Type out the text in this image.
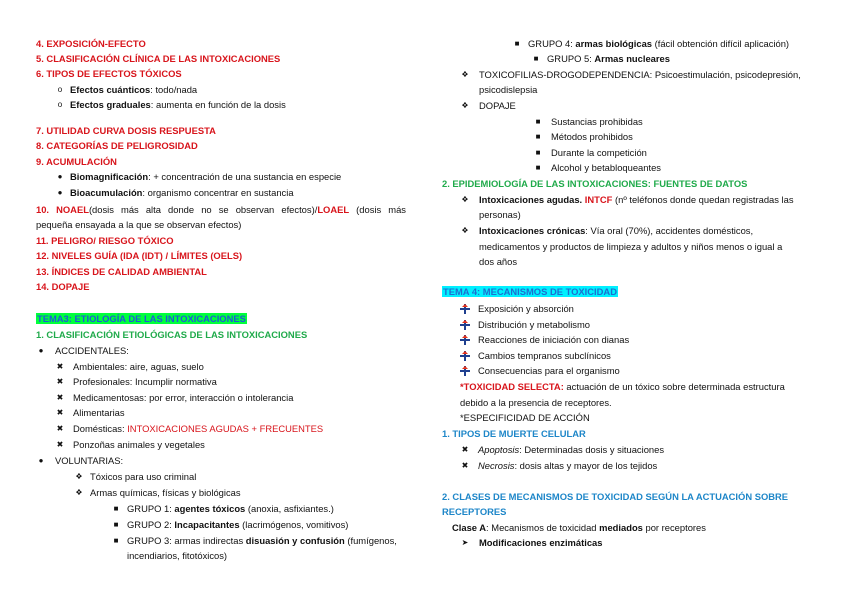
4. EXPOSICIÓN-EFECTO
5. CLASIFICACIÓN CLÍNICA DE LAS INTOXICACIONES
6. TIPOS DE EFECTOS TÓXICOS
o Efectos cuánticos: todo/nada
o Efectos graduales: aumenta en función de la dosis
7. UTILIDAD CURVA DOSIS RESPUESTA
8. CATEGORÍAS DE PELIGROSIDAD
9. ACUMULACIÓN
● Biomagnificación: + concentración de una sustancia en especie
● Bioacumulación: organismo concentrar en sustancia
10. NOAEL(dosis más alta donde no se observan efectos)/LOAEL (dosis más
pequeña ensayada a la que se observan efectos)
11. PELIGRO/ RIESGO TÓXICO
12. NIVELES GUÍA (IDA (IDT) / LÍMITES (OELS)
13. ÍNDICES DE CALIDAD AMBIENTAL
14. DOPAJE
TEMA3: ETIOLOGÍA DE LAS INTOXICACIONES
1. CLASIFICACIÓN ETIOLÓGICAS DE LAS INTOXICACIONES
● ACCIDENTALES:
✖ Ambientales: aire, aguas, suelo
✖ Profesionales: Incumplir normativa
✖ Medicamentosas: por error, interacción o intolerancia
✖ Alimentarias
✖ Domésticas: INTOXICACIONES AGUDAS + FRECUENTES
✖ Ponzoñas animales y vegetales
● VOLUNTARIAS:
❖ Tóxicos para uso criminal
❖ Armas químicas, físicas y biológicas
■ GRUPO 1: agentes tóxicos (anoxia, asfixiantes.)
■ GRUPO 2: Incapacitantes (lacrimógenos, vomitivos)
■ GRUPO 3: armas indirectas disuasión y confusión (fumígenos,
incendiarios, fitotóxicos)
■ GRUPO 4: armas biológicas (fácil obtención difícil aplicación)
■ GRUPO 5: Armas nucleares
❖ TOXICOFILIAS-DROGODEPENDENCIA: Psicoestimulación, psicodepresión,
psicodislepsia
❖ DOPAJE
■ Sustancias prohibidas
■ Métodos prohibidos
■ Durante la competición
■ Alcohol y betabloqueantes
2. EPIDEMIOLOGÍA DE LAS INTOXICACIONES: FUENTES DE DATOS
❖ Intoxicaciones agudas. INTCF (nº teléfonos donde quedan registradas las
personas)
❖ Intoxicaciones crónicas: Vía oral (70%), accidentes domésticos,
medicamentos y productos de limpieza y adultos y niños menos o igual a
dos años
TEMA 4: MECANISMOS DE TOXICIDAD
Exposición y absorción
Distribución y metabolismo
Reacciones de iniciación con dianas
Cambios tempranos subclínicos
Consecuencias para el organismo
*TOXICIDAD SELECTA: actuación de un tóxico sobre determinada estructura
debido a la presencia de receptores.
*ESPECIFICIDAD DE ACCIÓN
1. TIPOS DE MUERTE CELULAR
✖ Apoptosis: Determinadas dosis y situaciones
✖ Necrosis: dosis altas y mayor de los tejidos
2. CLASES DE MECANISMOS DE TOXICIDAD SEGÚN LA ACTUACIÓN SOBRE
RECEPTORES
Clase A: Mecanismos de toxicidad mediados por receptores
➤ Modificaciones enzimáticas
